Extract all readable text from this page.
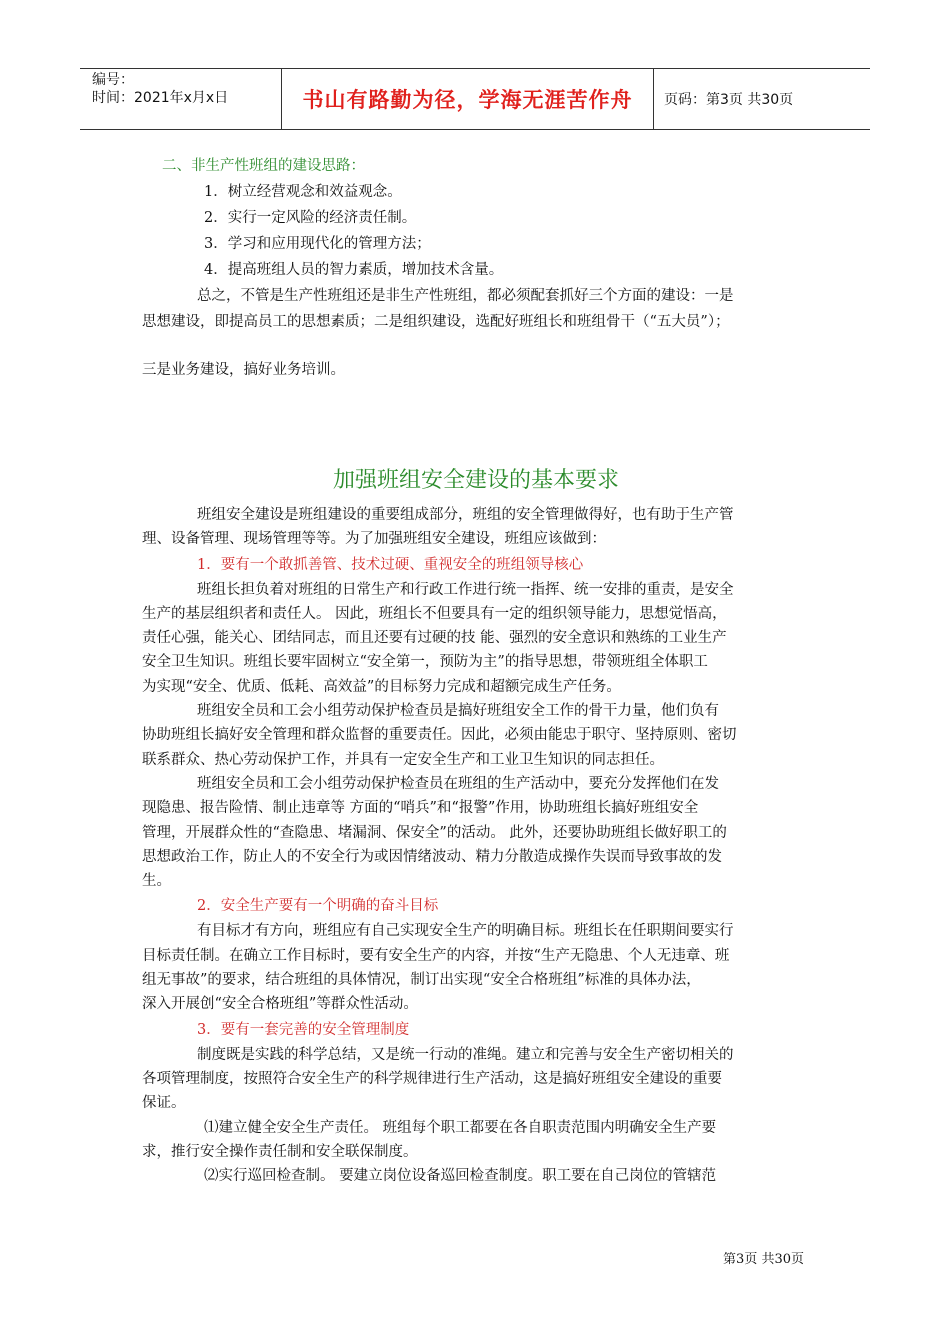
编号：
时间：2021年x月x日	书山有路勤为径，学海无涯苦作舟	页码：第3页 共30页
二、非生产性班组的建设思路：
1．树立经营观念和效益观念。
2．实行一定风险的经济责任制。
3．学习和应用现代化的管理方法；
4．提高班组人员的智力素质，增加技术含量。
总之，不管是生产性班组还是非生产性班组，都必须配套抓好三个方面的建设：一是
思想建设，即提高员工的思想素质；二是组织建设，选配好班组长和班组骨干（“五大员”）；
三是业务建设，搞好业务培训。
加强班组安全建设的基本要求
班组安全建设是班组建设的重要组成部分，班组的安全管理做得好，也有助于生产管
理、设备管理、现场管理等等。为了加强班组安全建设，班组应该做到：
1．要有一个敢抓善管、技术过硬、重视安全的班组领导核心
班组长担负着对班组的日常生产和行政工作进行统一指挥、统一安排的重责，是安全
生产的基层组织者和责任人。 因此，班组长不但要具有一定的组织领导能力，思想觉悟高，
责任心强，能关心、团结同志，而且还要有过硬的技 能、强烈的安全意识和熟练的工业生产
安全卫生知识。班组长要牢固树立“安全第一，预防为主”的指导思想，带领班组全体职工
为实现“安全、优质、低耗、高效益”的目标努力完成和超额完成生产任务。
班组安全员和工会小组劳动保护检查员是搞好班组安全工作的骨干力量，他们负有
协助班组长搞好安全管理和群众监督的重要责任。因此，必须由能忠于职守、坚持原则、密切
联系群众、热心劳动保护工作，并具有一定安全生产和工业卫生知识的同志担任。
班组安全员和工会小组劳动保护检查员在班组的生产活动中，要充分发挥他们在发
现隐患、报告险情、制止违章等 方面的“哨兵”和“报警”作用，协助班组长搞好班组安全
管理，开展群众性的“查隐患、堵漏洞、保安全”的活动。 此外，还要协助班组长做好职工的
思想政治工作，防止人的不安全行为或因情绪波动、精力分散造成操作失误而导致事故的发
生。
2．安全生产要有一个明确的奋斗目标
有目标才有方向，班组应有自己实现安全生产的明确目标。班组长在任职期间要实行
目标责任制。在确立工作目标时，要有安全生产的内容，并按“生产无隐患、个人无违章、班
组无事故”的要求，结合班组的具体情况，制订出实现“安全合格班组”标准的具体办法，
深入开展创“安全合格班组”等群众性活动。
3．要有一套完善的安全管理制度
制度既是实践的科学总结，又是统一行动的准绳。建立和完善与安全生产密切相关的
各项管理制度，按照符合安全生产的科学规律进行生产活动，这是搞好班组安全建设的重要
保证。
⑴建立健全安全生产责任。 班组每个职工都要在各自职责范围内明确安全生产要
求，推行安全操作责任制和安全联保制度。
⑵实行巡回检查制。 要建立岗位设备巡回检查制度。职工要在自己岗位的管辖范
第3页 共30页
